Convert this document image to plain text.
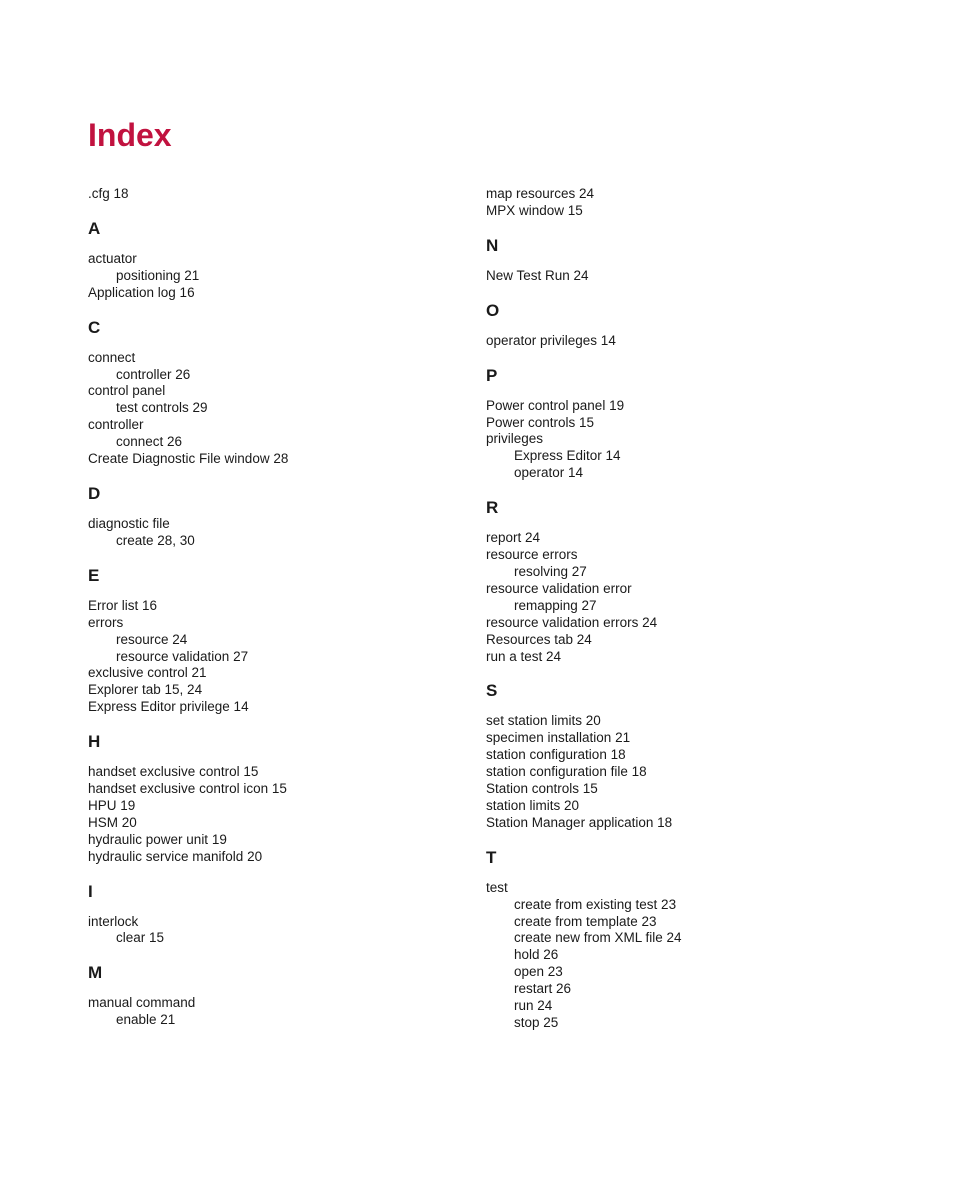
Index
.cfg 18
A
actuator
positioning 21
Application log 16
C
connect
controller 26
control panel
test controls 29
controller
connect 26
Create Diagnostic File window 28
D
diagnostic file
create 28, 30
E
Error list 16
errors
resource 24
resource validation 27
exclusive control 21
Explorer tab 15, 24
Express Editor privilege 14
H
handset exclusive control 15
handset exclusive control icon 15
HPU 19
HSM 20
hydraulic power unit 19
hydraulic service manifold 20
I
interlock
clear 15
M
manual command
enable 21
map resources 24
MPX window 15
N
New Test Run 24
O
operator privileges 14
P
Power control panel 19
Power controls 15
privileges
Express Editor 14
operator 14
R
report 24
resource errors
resolving 27
resource validation error
remapping 27
resource validation errors 24
Resources tab 24
run a test 24
S
set station limits 20
specimen installation 21
station configuration 18
station configuration file 18
Station controls 15
station limits 20
Station Manager application 18
T
test
create from existing test 23
create from template 23
create new from XML file 24
hold 26
open 23
restart 26
run 24
stop 25
